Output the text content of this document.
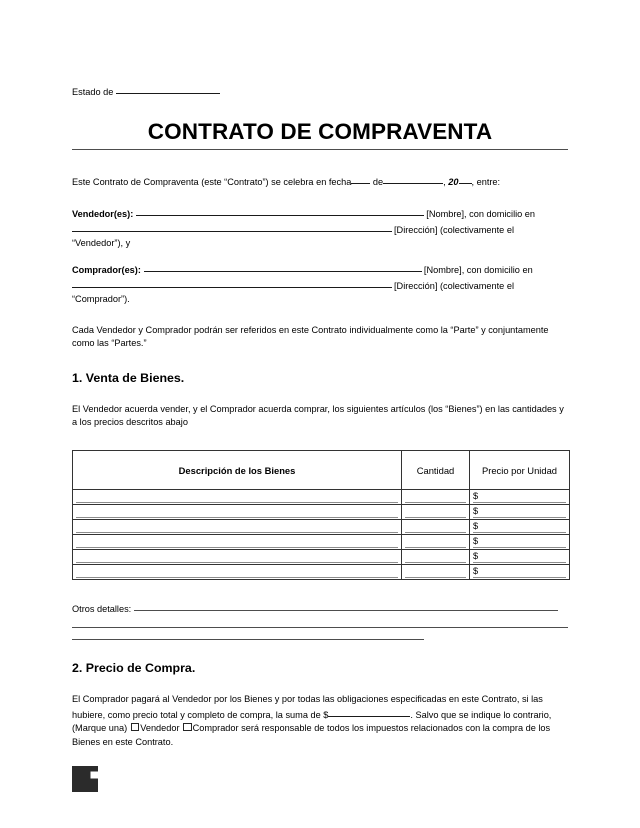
Estado de
CONTRATO DE COMPRAVENTA
Este Contrato de Compraventa (este “Contrato”) se celebra en fecha de	, 20 , entre:
Vendedor(es):	[Nombre], con domicilio en
[Dirección] (colectivamente el
“Vendedor”), y
Comprador(es):	[Nombre], con domicilio en
[Dirección] (colectivamente el
“Comprador”).
Cada Vendedor y Comprador podrán ser referidos en este Contrato individualmente como la “Parte” y conjuntamente como las “Partes.”
1. Venta de Bienes.
El Vendedor acuerda vender, y el Comprador acuerda comprar, los siguientes artículos (los “Bienes”) en las cantidades y a los precios descritos abajo
Descripción de los Bienes	Cantidad	Precio por Unidad

		$

		$

		$

		$

		$

		$
Otros detalles:
2. Precio de Compra.
El Comprador pagará al Vendedor por los Bienes y por todas las obligaciones especificadas en este Contrato, si las hubiere, como precio total y completo de compra, la suma de $	. Salvo que se indique lo contrario, (Marque una) Vendedor Comprador será responsable de todos los impuestos relacionados con la compra de los Bienes en este Contrato.
